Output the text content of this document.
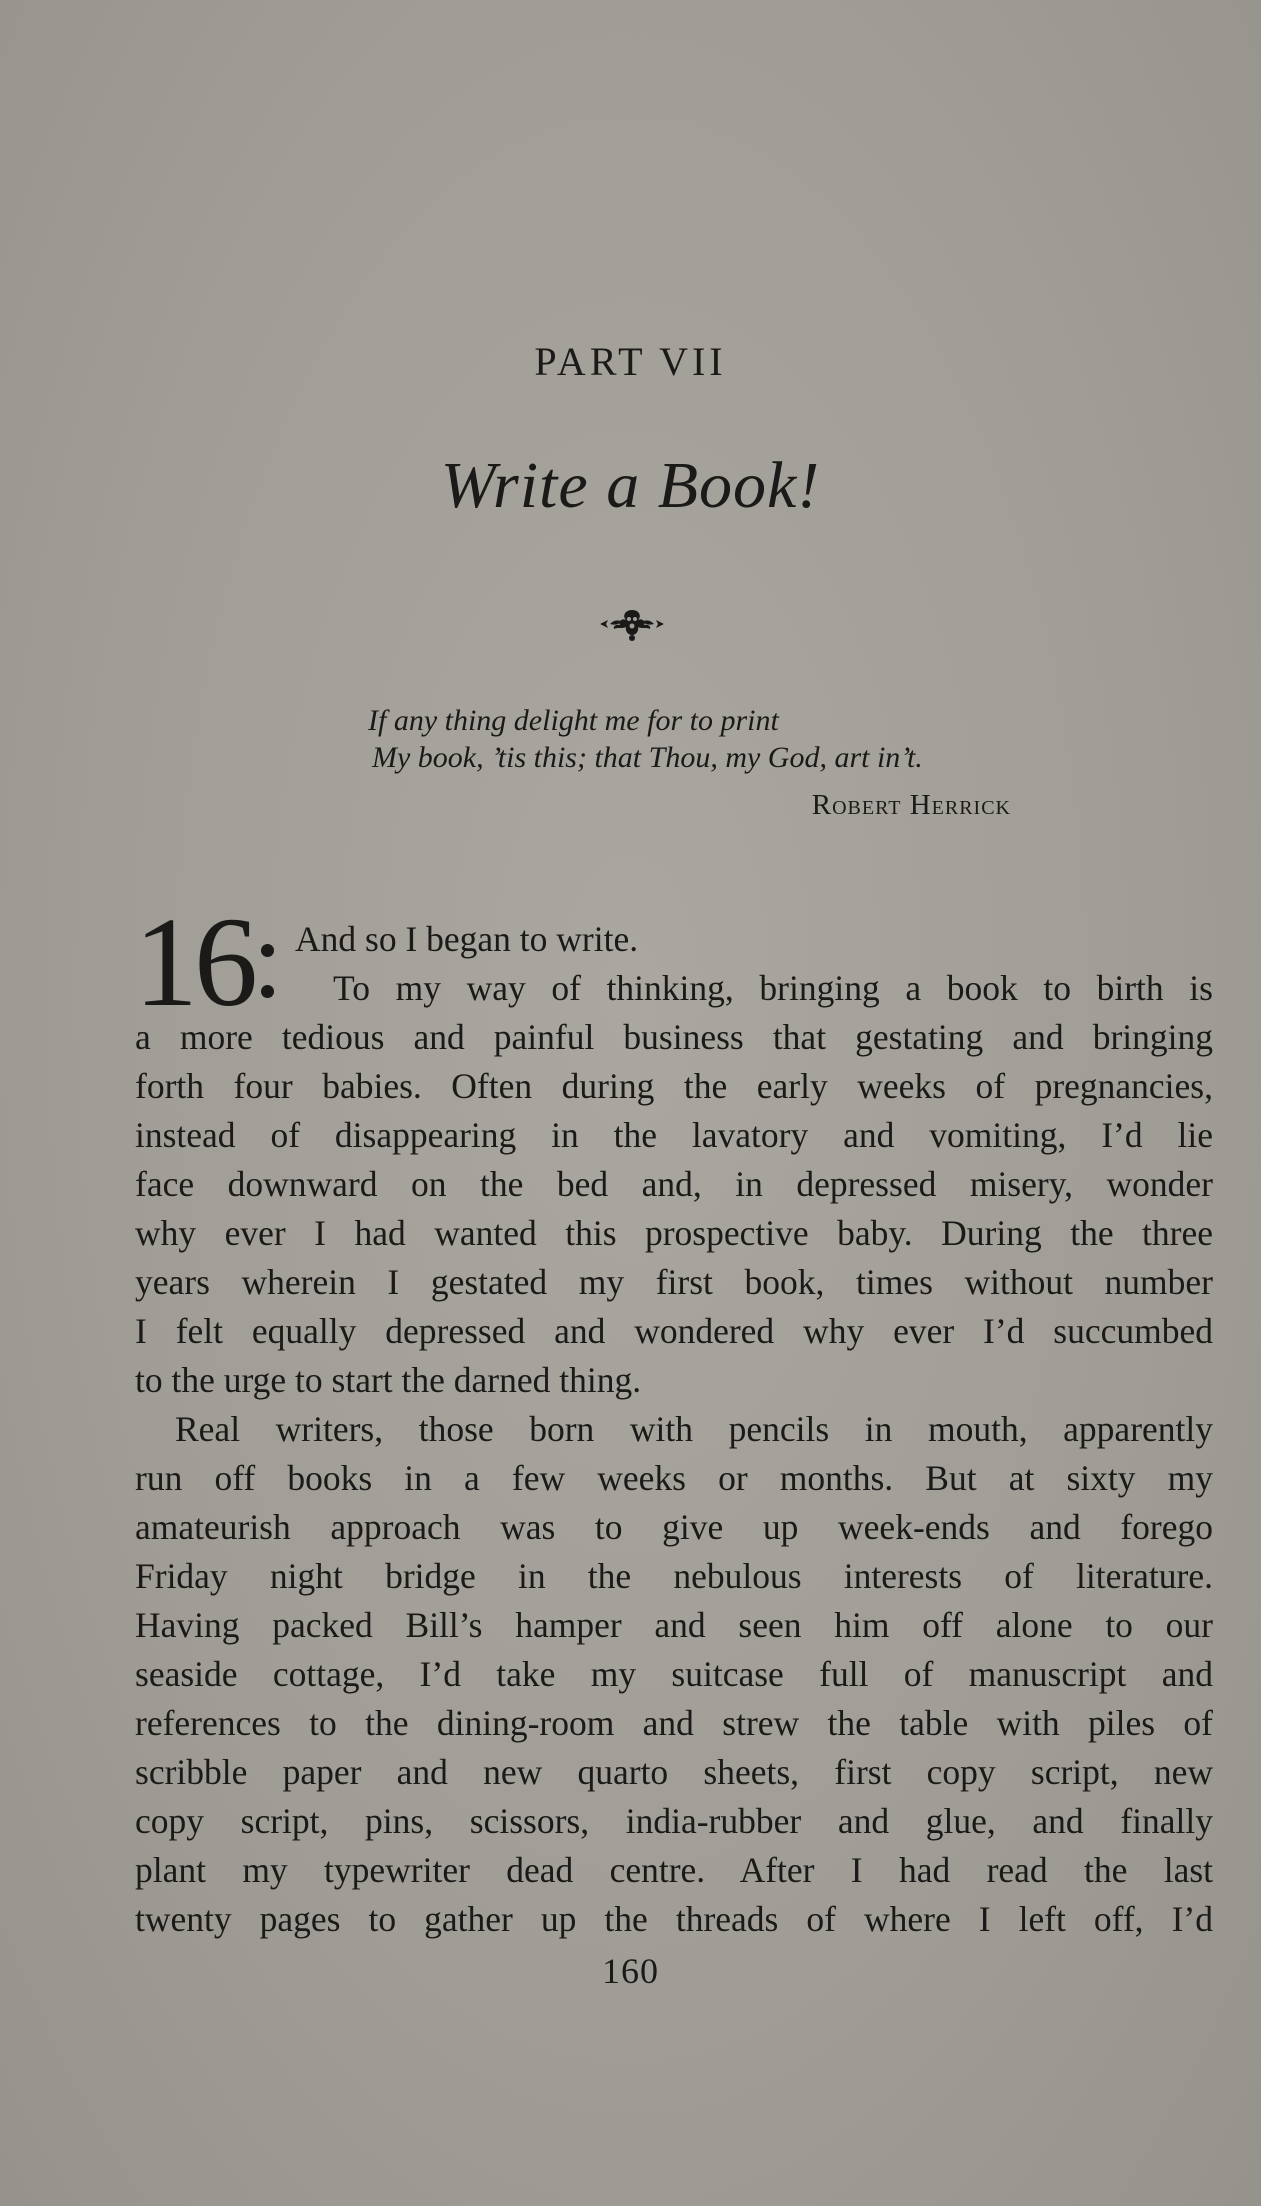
PART VII
Write a Book!
If any thing delight me for to print
My book, ’tis this; that Thou, my God, art in’t.
Robert Herrick
16 And so I began to write.
To my way of thinking, bringing a book to birth is
a more tedious and painful business that gestating and bringing
forth four babies. Often during the early weeks of pregnancies,
instead of disappearing in the lavatory and vomiting, I’d lie
face downward on the bed and, in depressed misery, wonder
why ever I had wanted this prospective baby. During the three
years wherein I gestated my first book, times without number
I felt equally depressed and wondered why ever I’d succumbed
to the urge to start the darned thing.
Real writers, those born with pencils in mouth, apparently
run off books in a few weeks or months. But at sixty my
amateurish approach was to give up week-ends and forego
Friday night bridge in the nebulous interests of literature.
Having packed Bill’s hamper and seen him off alone to our
seaside cottage, I’d take my suitcase full of manuscript and
references to the dining-room and strew the table with piles of
scribble paper and new quarto sheets, first copy script, new
copy script, pins, scissors, india-rubber and glue, and finally
plant my typewriter dead centre. After I had read the last
twenty pages to gather up the threads of where I left off, I’d
160
